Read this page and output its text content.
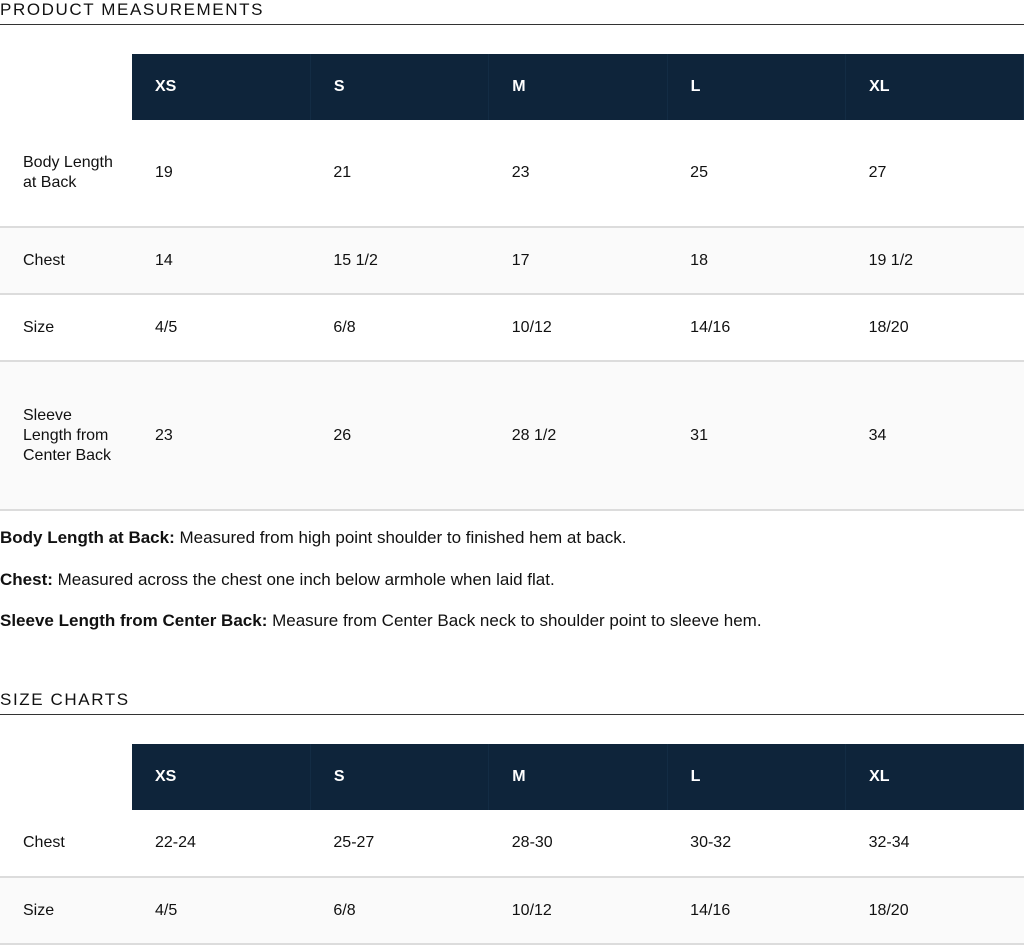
PRODUCT MEASUREMENTS
	XS	S	M	L	XL
Body Length at Back	19	21	23	25	27
Chest	14	15 1/2	17	18	19 1/2
Size	4/5	6/8	10/12	14/16	18/20
Sleeve Length from Center Back	23	26	28 1/2	31	34

Body Length at Back: Measured from high point shoulder to finished hem at back.

Chest: Measured across the chest one inch below armhole when laid flat.

Sleeve Length from Center Back: Measure from Center Back neck to shoulder point to sleeve hem.

SIZE CHARTS
	XS	S	M	L	XL
Chest	22-24	25-27	28-30	30-32	32-34
Size	4/5	6/8	10/12	14/16	18/20
